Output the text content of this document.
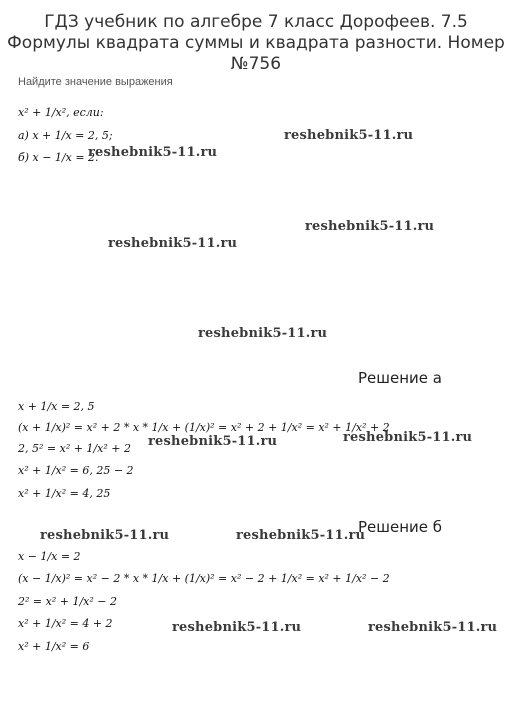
ГДЗ учебник по алгебре 7 класс Дорофеев. 7.5 Формулы квадрата суммы и квадрата разности. Номер №756
Найдите значение выражения
x² + 1/x², если:
а) x + 1/x = 2, 5;
б) x − 1/x = 2.
reshebnik5-11.ru
reshebnik5-11.ru
reshebnik5-11.ru
reshebnik5-11.ru
reshebnik5-11.ru
Решение а
x + 1/x = 2, 5
(x + 1/x)² = x² + 2 * x * 1/x + (1/x)² = x² + 2 + 1/x² = x² + 1/x² + 2
2, 5² = x² + 1/x² + 2
x² + 1/x² = 6, 25 − 2
x² + 1/x² = 4, 25
reshebnik5-11.ru	reshebnik5-11.ru
Решение б
reshebnik5-11.ru	reshebnik5-11.ru
x − 1/x = 2
(x − 1/x)² = x² − 2 * x * 1/x + (1/x)² = x² − 2 + 1/x² = x² + 1/x² − 2
2² = x² + 1/x² − 2
x² + 1/x² = 4 + 2
x² + 1/x² = 6
reshebnik5-11.ru	reshebnik5-11.ru
